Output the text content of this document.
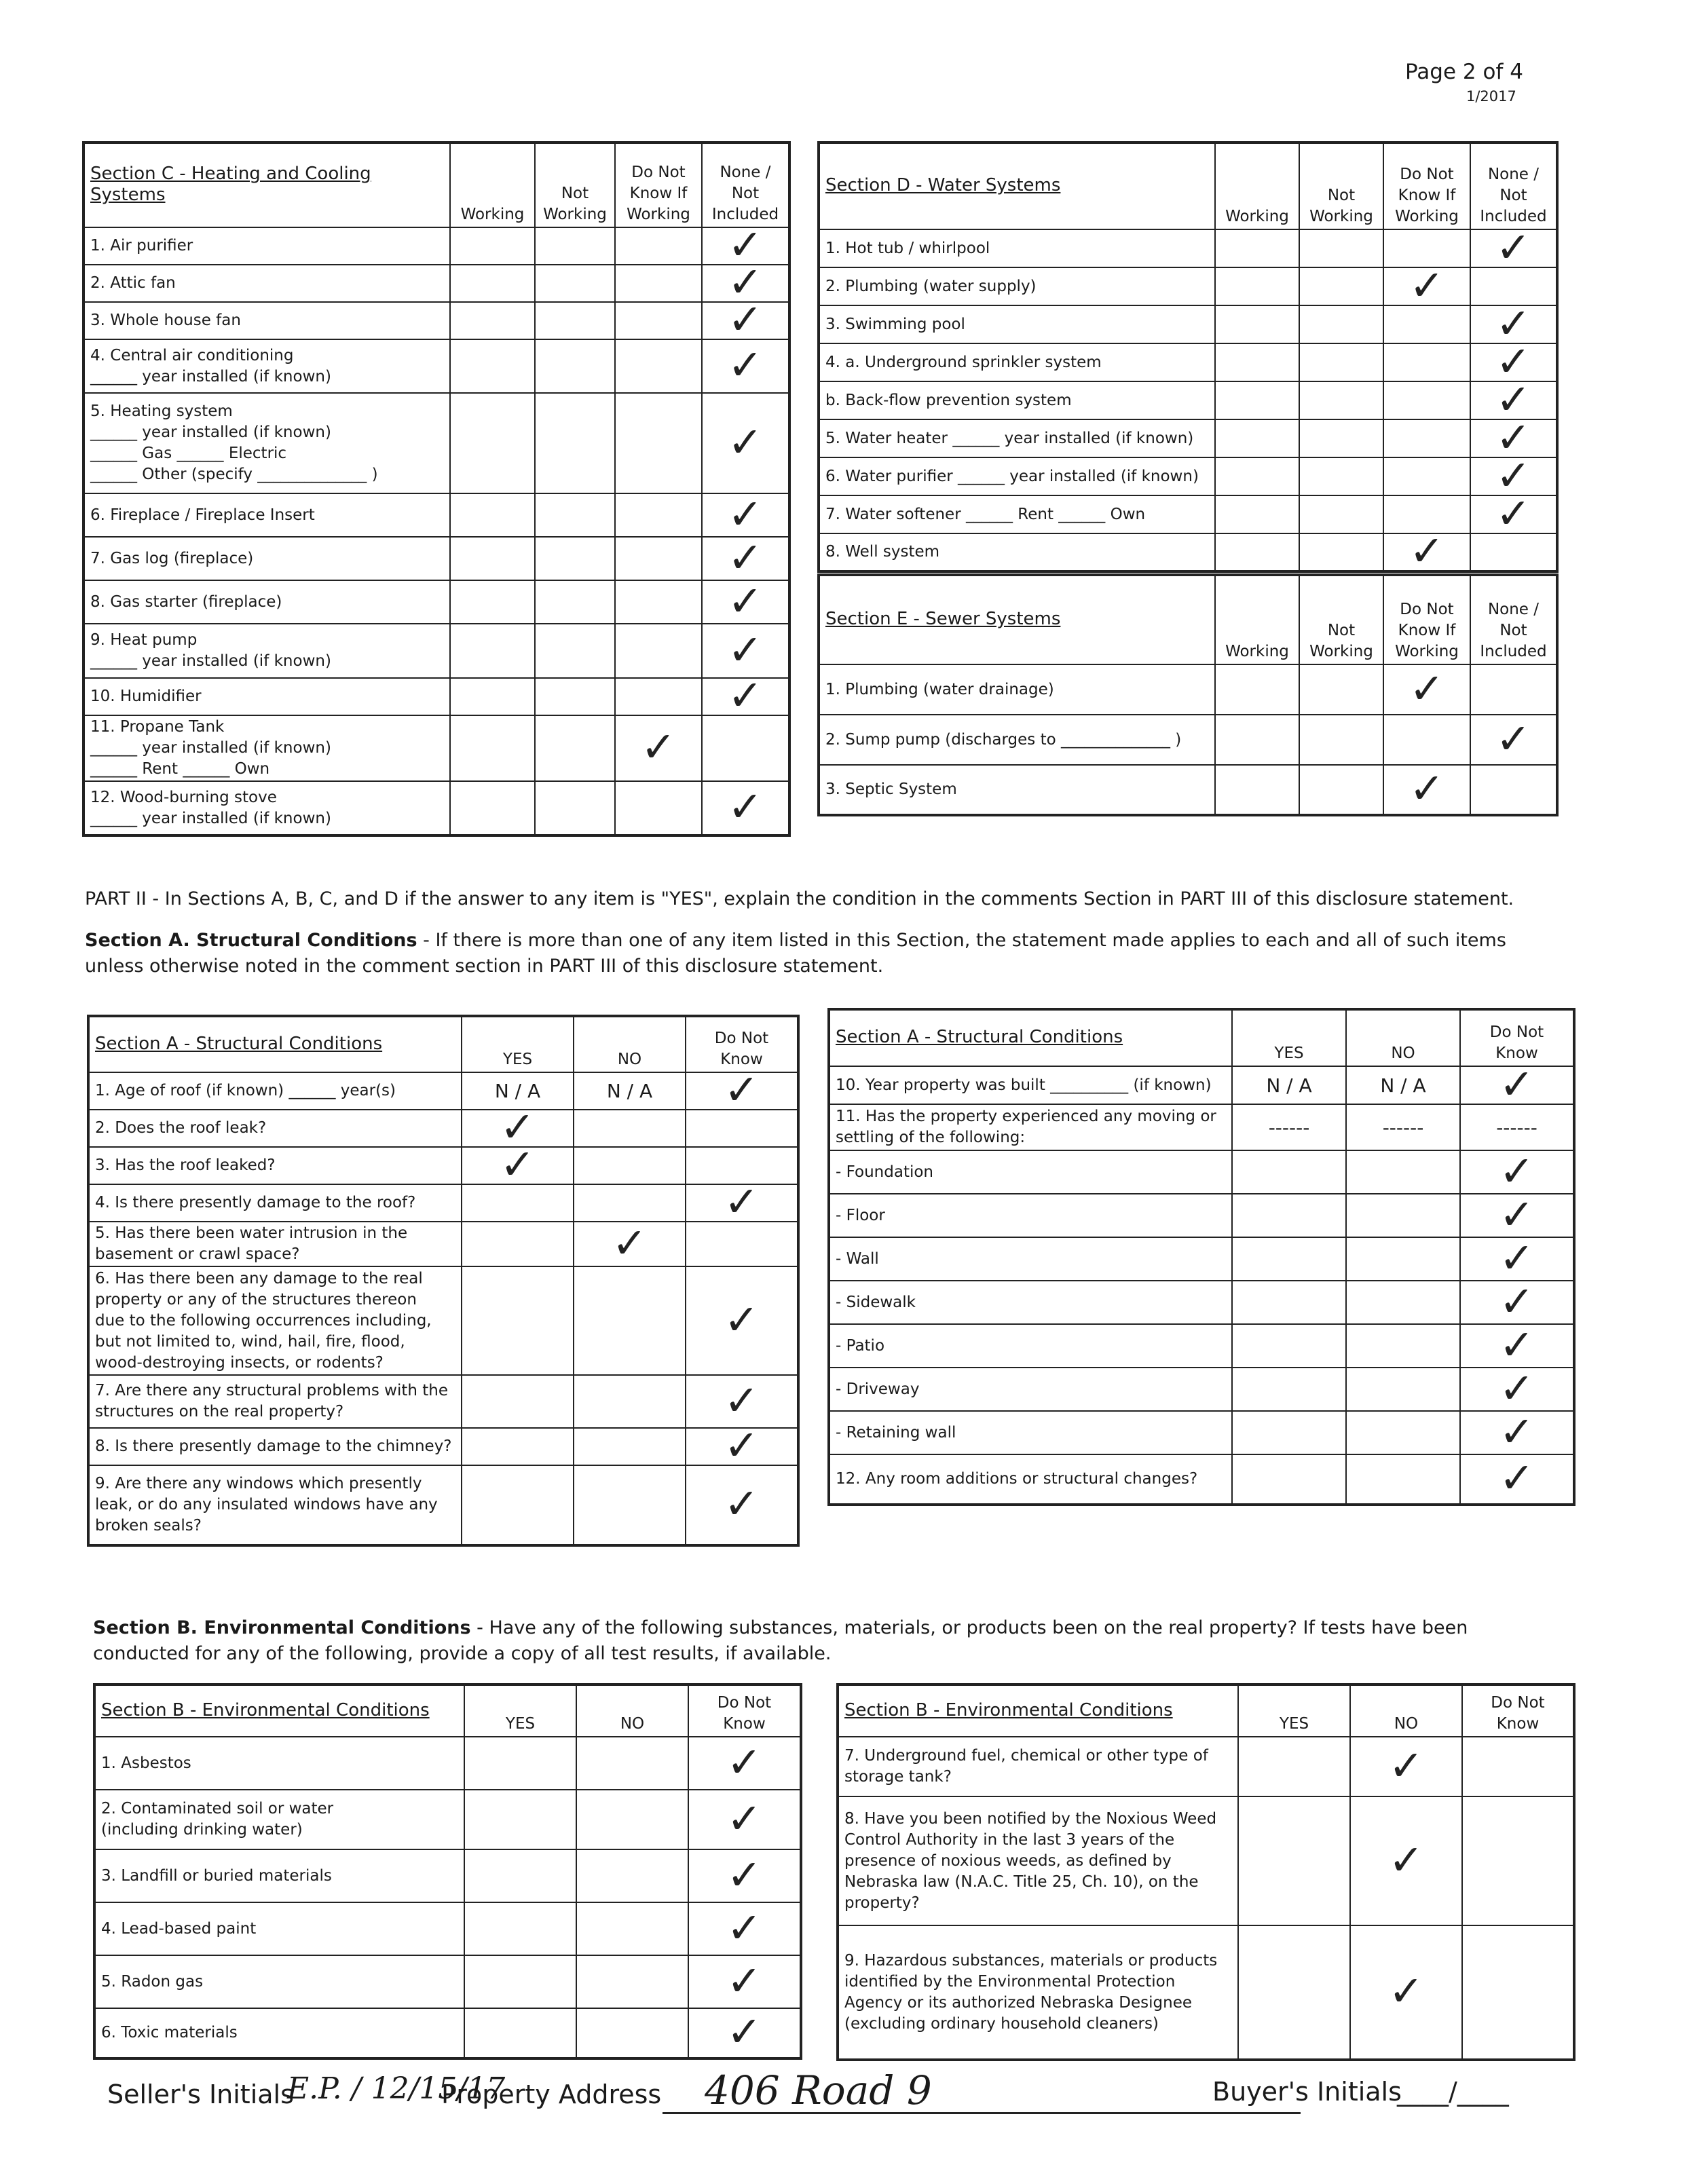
Page 2 of 4
1/2017
Section C - Heating and Cooling Systems	Working	Not Working	Do Not Know If Working	None / Not Included
1. Air purifier				✓
2. Attic fan				✓
3. Whole house fan				✓
4. Central air conditioning
______ year installed (if known)				✓
5. Heating system
______ year installed (if known)
______ Gas ______ Electric
______ Other (specify ______________ )				✓
6. Fireplace / Fireplace Insert				✓
7. Gas log (fireplace)				✓
8. Gas starter (fireplace)				✓
9. Heat pump
______ year installed (if known)				✓
10. Humidifier				✓
11. Propane Tank
______ year installed (if known)
______ Rent ______ Own			✓	
12. Wood-burning stove
______ year installed (if known)				✓
Section D - Water Systems	Working	Not Working	Do Not Know If Working	None / Not Included
1. Hot tub / whirlpool				✓
2. Plumbing (water supply)			✓	
3. Swimming pool				✓
4. a. Underground sprinkler system				✓
b. Back-flow prevention system				✓
5. Water heater ______ year installed (if known)				✓
6. Water purifier ______ year installed (if known)				✓
7. Water softener ______ Rent ______ Own				✓
8. Well system			✓	
Section E - Sewer Systems	Working	Not Working	Do Not Know If Working	None / Not Included
1. Plumbing (water drainage)			✓	
2. Sump pump (discharges to ______________ )				✓
3. Septic System			✓	
PART II - In Sections A, B, C, and D if the answer to any item is "YES", explain the condition in the comments Section in PART III of this disclosure statement.
Section A. Structural Conditions - If there is more than one of any item listed in this Section, the statement made applies to each and all of such items unless otherwise noted in the comment section in PART III of this disclosure statement.
Section A - Structural Conditions	YES	NO	Do Not Know
1. Age of roof (if known) ______ year(s)	N / A	N / A	✓
2. Does the roof leak?	✓		
3. Has the roof leaked?	✓		
4. Is there presently damage to the roof?			✓
5. Has there been water intrusion in the
basement or crawl space?		✓	
6. Has there been any damage to the real
property or any of the structures thereon
due to the following occurrences including,
but not limited to, wind, hail, fire, flood,
wood-destroying insects, or rodents?			✓
7. Are there any structural problems with the
structures on the real property?			✓
8. Is there presently damage to the chimney?			✓
9. Are there any windows which presently
leak, or do any insulated windows have any
broken seals?			✓
Section A - Structural Conditions	YES	NO	Do Not Know
10. Year property was built __________ (if known)	N / A	N / A	✓
11. Has the property experienced any moving or
settling of the following:	------	------	------
- Foundation			✓
- Floor			✓
- Wall			✓
- Sidewalk			✓
- Patio			✓
- Driveway			✓
- Retaining wall			✓
12. Any room additions or structural changes?			✓
Section B. Environmental Conditions - Have any of the following substances, materials, or products been on the real property? If tests have been conducted for any of the following, provide a copy of all test results, if available.
Section B - Environmental Conditions	YES	NO	Do Not Know
1. Asbestos			✓
2. Contaminated soil or water
(including drinking water)			✓
3. Landfill or buried materials			✓
4. Lead-based paint			✓
5. Radon gas			✓
6. Toxic materials			✓
Section B - Environmental Conditions	YES	NO	Do Not Know
7. Underground fuel, chemical or other type of
storage tank?		✓	
8. Have you been notified by the Noxious Weed
Control Authority in the last 3 years of the
presence of noxious weeds, as defined by
Nebraska law (N.A.C. Title 25, Ch. 10), on the
property?		✓	
9. Hazardous substances, materials or products
identified by the Environmental Protection
Agency or its authorized Nebraska Designee
(excluding ordinary household cleaners)		✓	
Seller's Initials
E.P. / 12/15/17
Property Address 406 Road 9	Buyer's Initials
____/____
